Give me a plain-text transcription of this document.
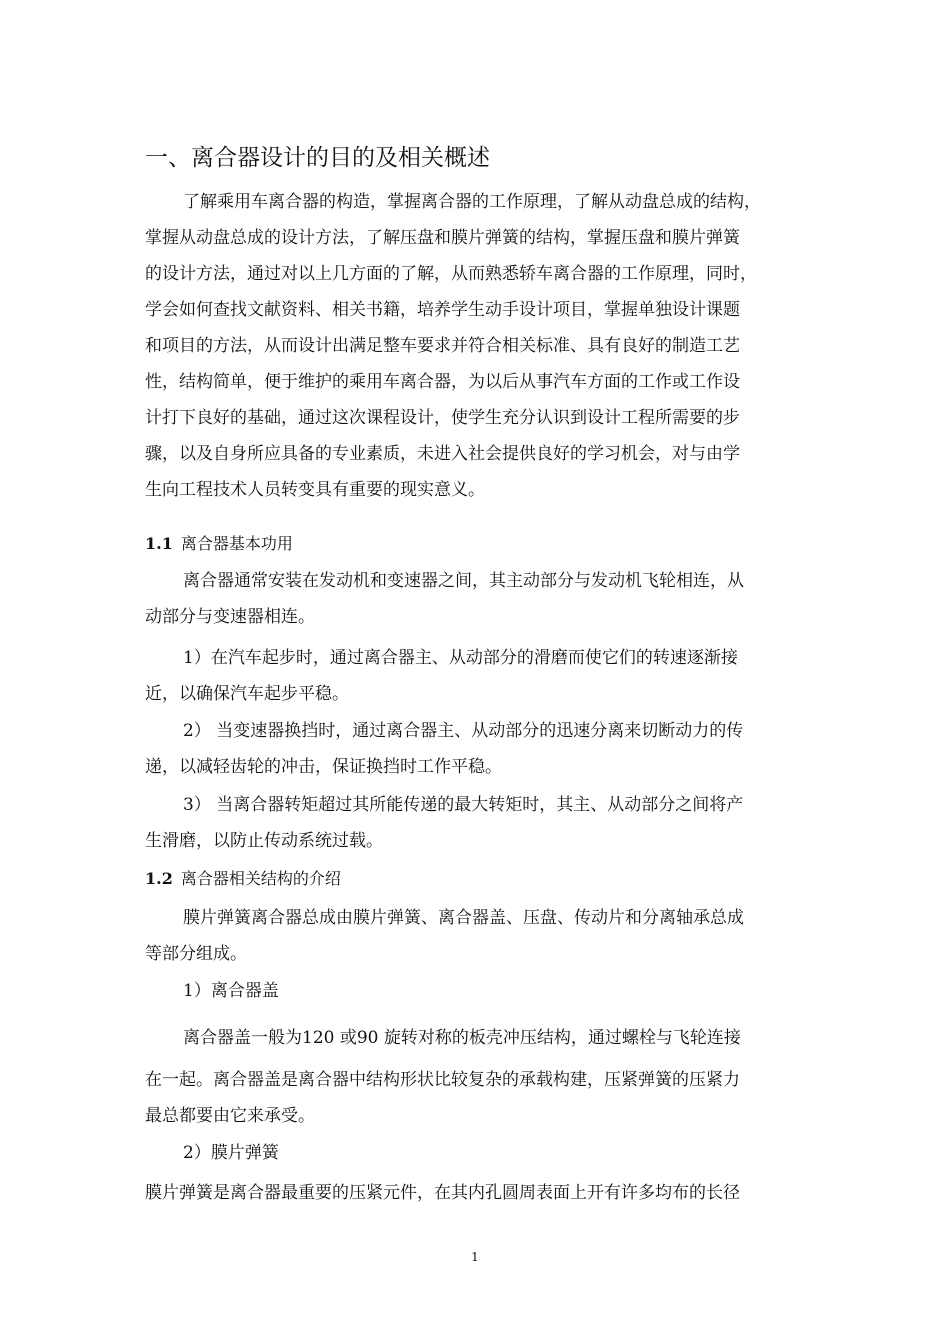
一、离合器设计的目的及相关概述
了解乘用车离合器的构造，掌握离合器的工作原理，了解从动盘总成的结构，
掌握从动盘总成的设计方法，了解压盘和膜片弹簧的结构，掌握压盘和膜片弹簧
的设计方法，通过对以上几方面的了解，从而熟悉轿车离合器的工作原理，同时，
学会如何查找文献资料、相关书籍，培养学生动手设计项目，掌握单独设计课题
和项目的方法，从而设计出满足整车要求并符合相关标准、具有良好的制造工艺
性，结构简单，便于维护的乘用车离合器，为以后从事汽车方面的工作或工作设
计打下良好的基础，通过这次课程设计，使学生充分认识到设计工程所需要的步
骤，以及自身所应具备的专业素质，未进入社会提供良好的学习机会，对与由学
生向工程技术人员转变具有重要的现实意义。
1.1 离合器基本功用
离合器通常安装在发动机和变速器之间，其主动部分与发动机飞轮相连，从
动部分与变速器相连。
1）在汽车起步时，通过离合器主、从动部分的滑磨而使它们的转速逐渐接
近，以确保汽车起步平稳。
2） 当变速器换挡时，通过离合器主、从动部分的迅速分离来切断动力的传
递，以减轻齿轮的冲击，保证换挡时工作平稳。
3） 当离合器转矩超过其所能传递的最大转矩时，其主、从动部分之间将产
生滑磨，以防止传动系统过载。
1.2 离合器相关结构的介绍
膜片弹簧离合器总成由膜片弹簧、离合器盖、压盘、传动片和分离轴承总成
等部分组成。
1）离合器盖
离合器盖一般为120 或90 旋转对称的板壳冲压结构，通过螺栓与飞轮连接
在一起。离合器盖是离合器中结构形状比较复杂的承载构建，压紧弹簧的压紧力
最总都要由它来承受。
2）膜片弹簧
膜片弹簧是离合器最重要的压紧元件，在其内孔圆周表面上开有许多均布的长径
1
